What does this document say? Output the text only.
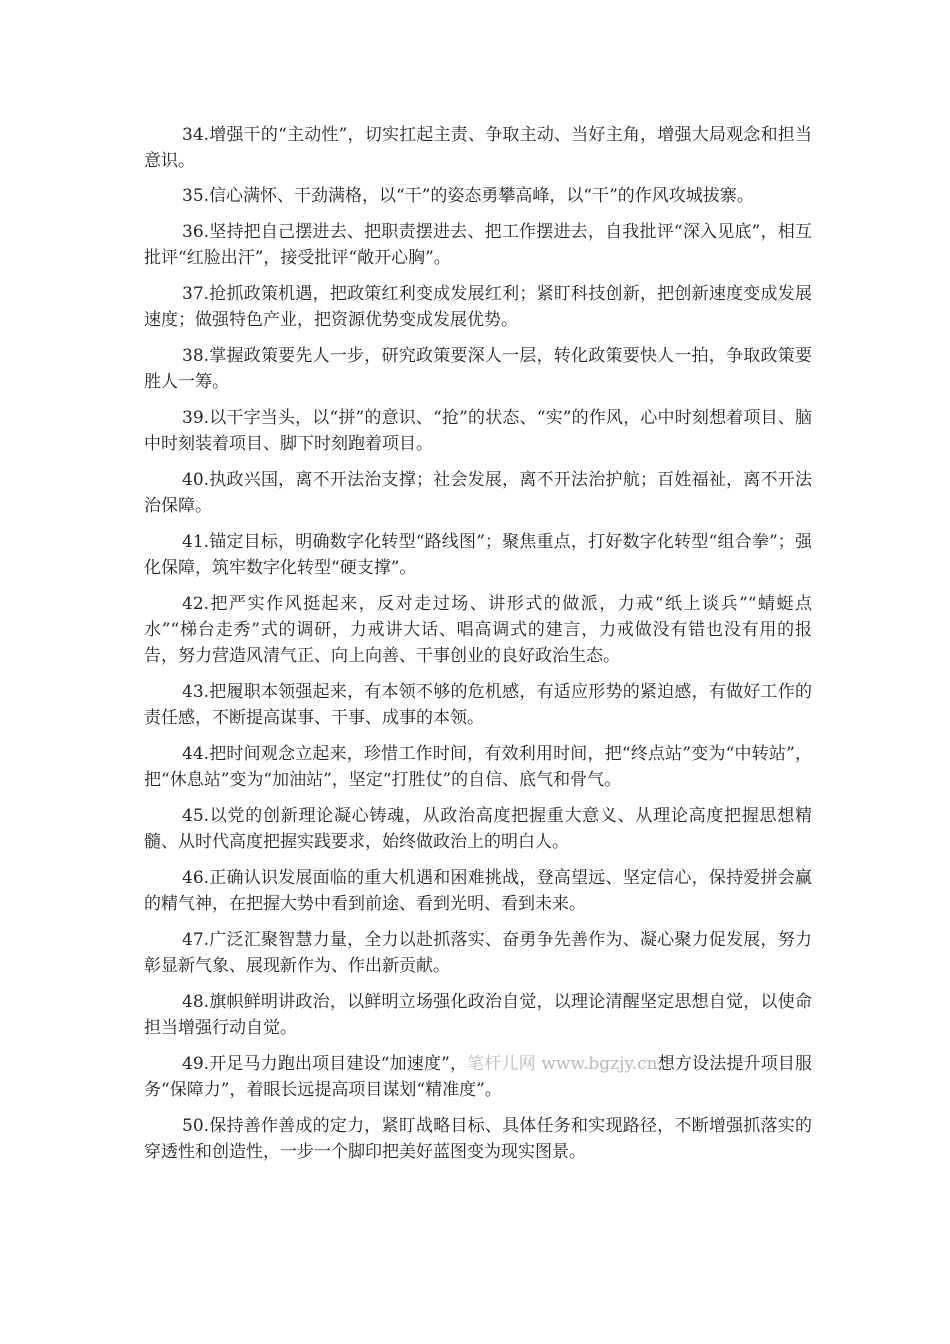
34.增强干的“主动性”，切实扛起主责、争取主动、当好主角，增强大局观念和担当意识。

35.信心满怀、干劲满格，以“干”的姿态勇攀高峰，以“干”的作风攻城拔寨。

36.坚持把自己摆进去、把职责摆进去、把工作摆进去，自我批评“深入见底”，相互批评“红脸出汗”，接受批评“敞开心胸”。

37.抢抓政策机遇，把政策红利变成发展红利；紧盯科技创新，把创新速度变成发展速度；做强特色产业，把资源优势变成发展优势。

38.掌握政策要先人一步，研究政策要深人一层，转化政策要快人一拍，争取政策要胜人一筹。

39.以干字当头，以“拼”的意识、“抢”的状态、“实”的作风，心中时刻想着项目、脑中时刻装着项目、脚下时刻跑着项目。

40.执政兴国，离不开法治支撑；社会发展，离不开法治护航；百姓福祉，离不开法治保障。

41.锚定目标，明确数字化转型“路线图”；聚焦重点，打好数字化转型“组合拳”；强化保障，筑牢数字化转型“硬支撑”。

42.把严实作风挺起来，反对走过场、讲形式的做派，力戒“纸上谈兵”“蜻蜓点水”“梯台走秀”式的调研，力戒讲大话、唱高调式的建言，力戒做没有错也没有用的报告，努力营造风清气正、向上向善、干事创业的良好政治生态。

43.把履职本领强起来，有本领不够的危机感，有适应形势的紧迫感，有做好工作的责任感，不断提高谋事、干事、成事的本领。

44.把时间观念立起来，珍惜工作时间，有效利用时间，把“终点站”变为“中转站”，把“休息站”变为“加油站”，坚定“打胜仗”的自信、底气和骨气。

45.以党的创新理论凝心铸魂，从政治高度把握重大意义、从理论高度把握思想精髓、从时代高度把握实践要求，始终做政治上的明白人。

46.正确认识发展面临的重大机遇和困难挑战，登高望远、坚定信心，保持爱拼会赢的精气神，在把握大势中看到前途、看到光明、看到未来。

47.广泛汇聚智慧力量，全力以赴抓落实、奋勇争先善作为、凝心聚力促发展，努力彰显新气象、展现新作为、作出新贡献。

48.旗帜鲜明讲政治，以鲜明立场强化政治自觉，以理论清醒坚定思想自觉，以使命担当增强行动自觉。

49.开足马力跑出项目建设“加速度”，笔杆儿网 www.bgzjy.cn想方设法提升项目服务“保障力”，着眼长远提高项目谋划“精准度”。

50.保持善作善成的定力，紧盯战略目标、具体任务和实现路径，不断增强抓落实的穿透性和创造性，一步一个脚印把美好蓝图变为现实图景。
